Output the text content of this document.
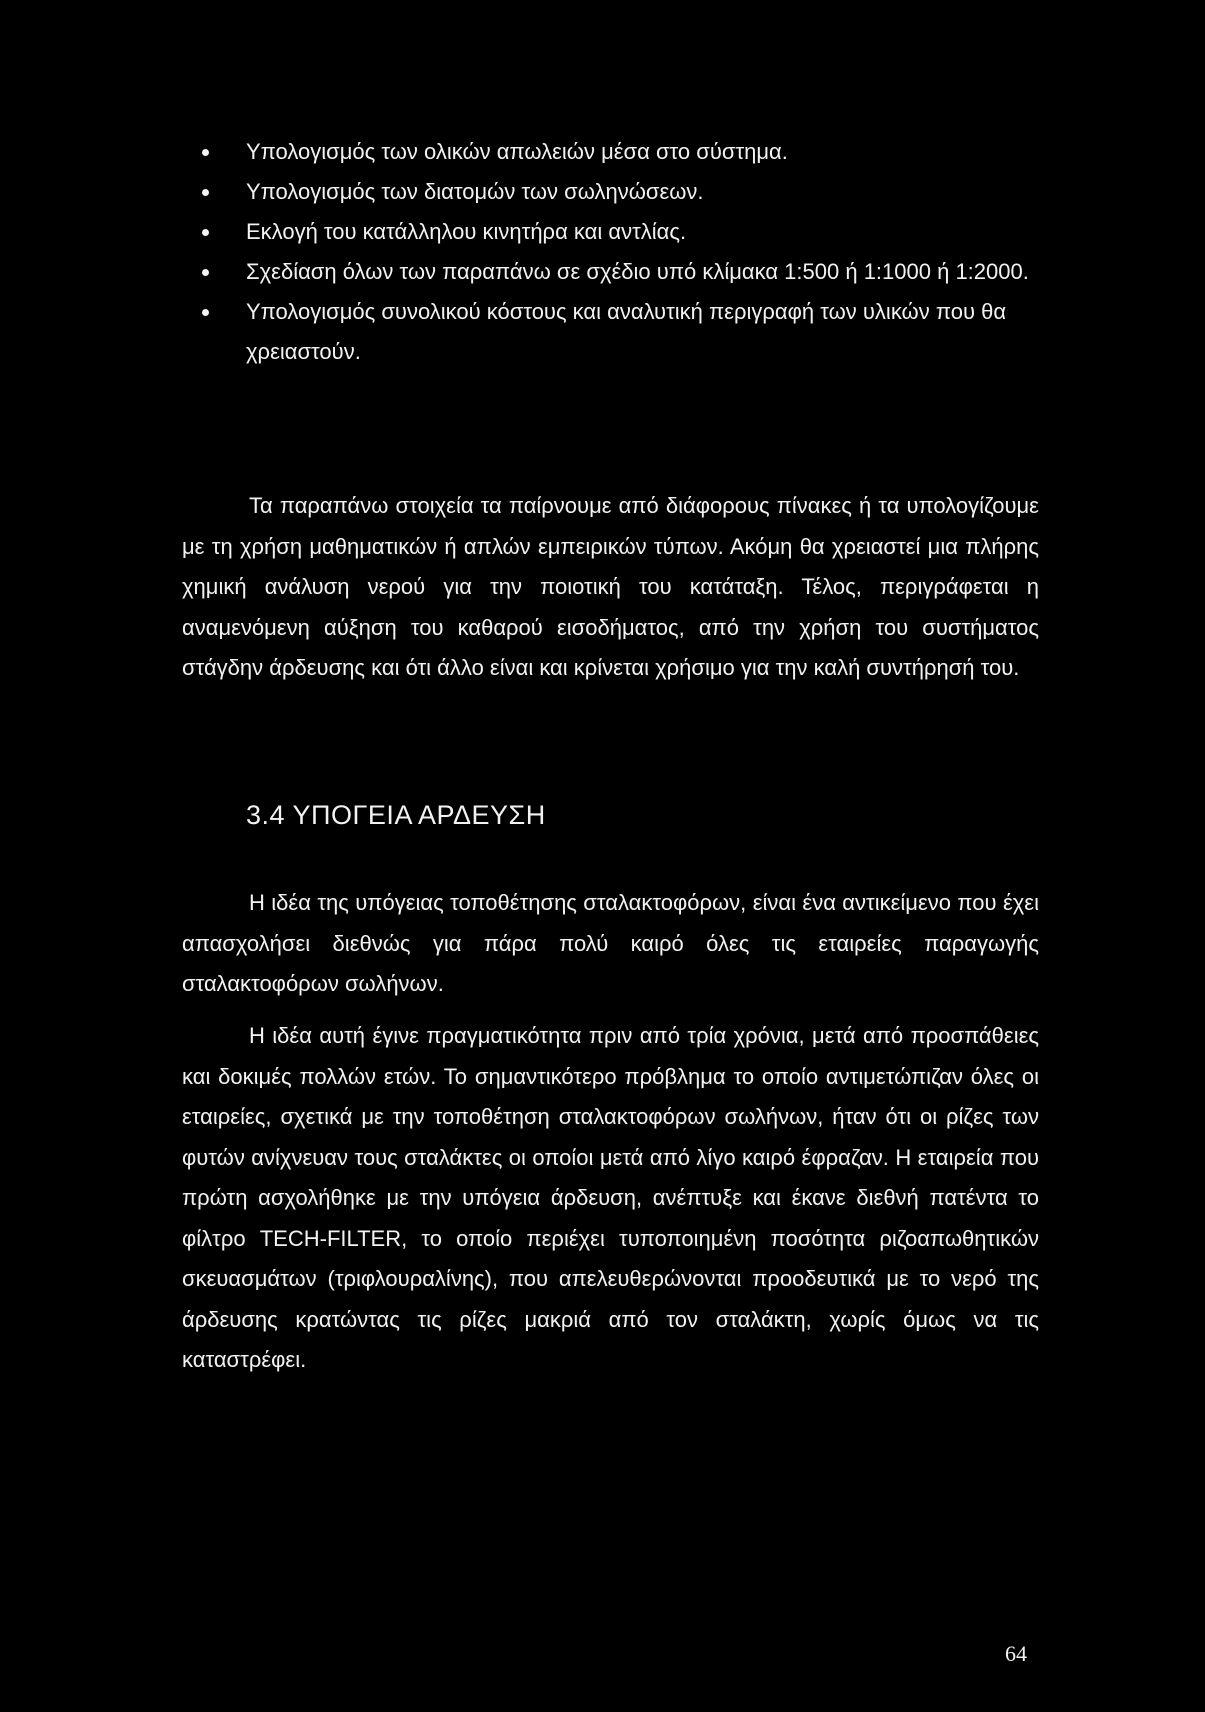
Υπολογισμός των ολικών απωλειών μέσα στο σύστημα.
Υπολογισμός των διατομών των σωληνώσεων.
Εκλογή του κατάλληλου κινητήρα και αντλίας.
Σχεδίαση όλων των παραπάνω σε σχέδιο υπό κλίμακα 1:500 ή 1:1000 ή 1:2000.
Υπολογισμός συνολικού κόστους και αναλυτική περιγραφή των υλικών που θα χρειαστούν.

Τα παραπάνω στοιχεία τα παίρνουμε από διάφορους πίνακες ή τα υπολογίζουμε με τη χρήση μαθηματικών ή απλών εμπειρικών τύπων. Ακόμη θα χρειαστεί μια πλήρης χημική ανάλυση νερού για την ποιοτική του κατάταξη. Τέλος, περιγράφεται η αναμενόμενη αύξηση του καθαρού εισοδήματος, από την χρήση του συστήματος στάγδην άρδευσης και ότι άλλο είναι και κρίνεται χρήσιμο για την καλή συντήρησή του.

3.4 ΥΠΟΓΕΙΑ ΑΡΔΕΥΣΗ

Η ιδέα της υπόγειας τοποθέτησης σταλακτοφόρων, είναι ένα αντικείμενο που έχει απασχολήσει διεθνώς για πάρα πολύ καιρό όλες τις εταιρείες παραγωγής σταλακτοφόρων σωλήνων.

Η ιδέα αυτή έγινε πραγματικότητα πριν από τρία χρόνια, μετά από προσπάθειες και δοκιμές πολλών ετών. Το σημαντικότερο πρόβλημα το οποίο αντιμετώπιζαν όλες οι εταιρείες, σχετικά με την τοποθέτηση σταλακτοφόρων σωλήνων, ήταν ότι οι ρίζες των φυτών ανίχνευαν τους σταλάκτες οι οποίοι μετά από λίγο καιρό έφραζαν. Η εταιρεία που πρώτη ασχολήθηκε με την υπόγεια άρδευση, ανέπτυξε και έκανε διεθνή πατέντα το φίλτρο TECH-FILTER, το οποίο περιέχει τυποποιημένη ποσότητα ριζοαπωθητικών σκευασμάτων (τριφλουραλίνης), που απελευθερώνονται προοδευτικά με το νερό της άρδευσης κρατώντας τις ρίζες μακριά από τον σταλάκτη, χωρίς όμως να τις καταστρέφει.

64
